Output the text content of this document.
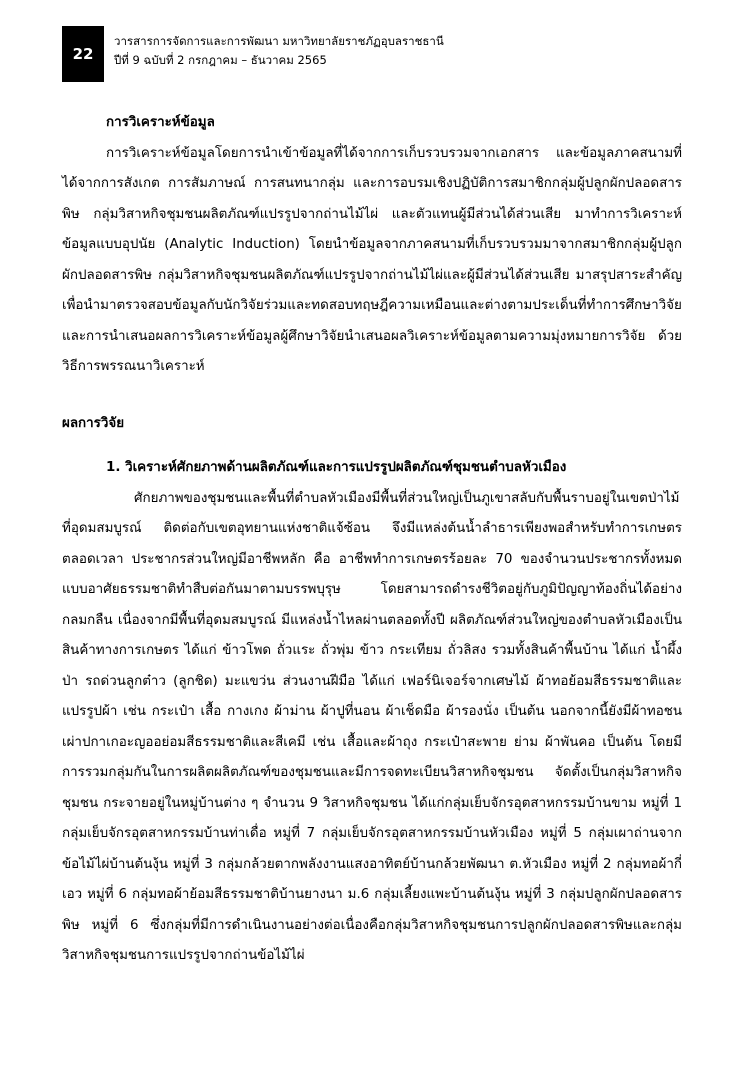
22
วารสารการจัดการและการพัฒนา มหาวิทยาลัยราชภัฏอุบลราชธานี
ปีที่ 9 ฉบับที่ 2 กรกฎาคม – ธันวาคม 2565
การวิเคราะห์ข้อมูล

การวิเคราะห์ข้อมูลโดยการนำเข้าข้อมูลที่ได้จากการเก็บรวบรวมจากเอกสาร และข้อมูลภาคสนามที่ได้จากการสังเกต การสัมภาษณ์ การสนทนากลุ่ม และการอบรมเชิงปฏิบัติการสมาชิกกลุ่มผู้ปลูกผักปลอดสารพิษ กลุ่มวิสาหกิจชุมชนผลิตภัณฑ์แปรรูปจากถ่านไม้ไผ่ และตัวแทนผู้มีส่วนได้ส่วนเสีย มาทำการวิเคราะห์ข้อมูลแบบอุปนัย (Analytic Induction) โดยนำข้อมูลจากภาคสนามที่เก็บรวบรวมมาจากสมาชิกกลุ่มผู้ปลูกผักปลอดสารพิษ กลุ่มวิสาหกิจชุมชนผลิตภัณฑ์แปรรูปจากถ่านไม้ไผ่และผู้มีส่วนได้ส่วนเสีย มาสรุปสาระสำคัญเพื่อนำมาตรวจสอบข้อมูลกับนักวิจัยร่วมและทดสอบทฤษฎีความเหมือนและต่างตามประเด็นที่ทำการศึกษาวิจัยและการนำเสนอผลการวิเคราะห์ข้อมูลผู้ศึกษาวิจัยนำเสนอผลวิเคราะห์ข้อมูลตามความมุ่งหมายการวิจัย ด้วยวิธีการพรรณนาวิเคราะห์

ผลการวิจัย
1. วิเคราะห์ศักยภาพด้านผลิตภัณฑ์และการแปรรูปผลิตภัณฑ์ชุมชนตำบลหัวเมือง

ศักยภาพของชุมชนและพื้นที่ตำบลหัวเมืองมีพื้นที่ส่วนใหญ่เป็นภูเขาสลับกับพื้นราบอยู่ในเขตป่าไม้ที่อุดมสมบูรณ์ ติดต่อกับเขตอุทยานแห่งชาติแจ้ซ้อน จึงมีแหล่งต้นน้ำลำธารเพียงพอสำหรับทำการเกษตร ตลอดเวลา ประชากรส่วนใหญ่มีอาชีพหลัก คือ อาชีพทำการเกษตรร้อยละ 70 ของจำนวนประชากรทั้งหมด แบบอาศัยธรรมชาติทำสืบต่อกันมาตามบรรพบุรุษ โดยสามารถดำรงชีวิตอยู่กับภูมิปัญญาท้องถิ่นได้อย่างกลมกลืน เนื่องจากมีพื้นที่อุดมสมบูรณ์ มีแหล่งน้ำไหลผ่านตลอดทั้งปี ผลิตภัณฑ์ส่วนใหญ่ของตำบลหัวเมืองเป็นสินค้าทางการเกษตร ได้แก่ ข้าวโพด ถั่วแระ ถั่วพุ่ม ข้าว กระเทียม ถั่วลิสง รวมทั้งสินค้าพื้นบ้าน ได้แก่ น้ำผึ้งป่า รถด่วนลูกต๋าว (ลูกชิด) มะแขว่น ส่วนงานฝีมือ ได้แก่ เฟอร์นิเจอร์จากเศษไม้ ผ้าทอย้อมสีธรรมชาติและแปรรูปผ้า เช่น กระเป๋า เสื้อ กางเกง ผ้าม่าน ผ้าปูที่นอน ผ้าเช็ดมือ ผ้ารองนั่ง เป็นต้น นอกจากนี้ยังมีผ้าทอชนเผ่าปกาเกอะญออย่อมสีธรรมชาติและสีเคมี เช่น เสื้อและผ้าถุง กระเป๋าสะพาย ย่าม ผ้าพันคอ เป็นต้น โดยมีการรวมกลุ่มกันในการผลิตผลิตภัณฑ์ของชุมชนและมีการจดทะเบียนวิสาหกิจชุมชน จัดตั้งเป็นกลุ่มวิสาหกิจชุมชน กระจายอยู่ในหมู่บ้านต่าง ๆ จำนวน 9 วิสาหกิจชุมชน ได้แก่กลุ่มเย็บจักรอุตสาหกรรมบ้านขาม หมู่ที่ 1 กลุ่มเย็บจักรอุตสาหกรรมบ้านท่าเดื่อ หมู่ที่ 7 กลุ่มเย็บจักรอุตสาหกรรมบ้านหัวเมือง หมู่ที่ 5 กลุ่มเผาถ่านจากข้อไม้ไผ่บ้านต้นงุ้น หมู่ที่ 3 กลุ่มกล้วยตากพลังงานแสงอาทิตย์บ้านกล้วยพัฒนา ต.หัวเมือง หมู่ที่ 2 กลุ่มทอผ้ากี่เอว หมู่ที่ 6 กลุ่มทอผ้าย้อมสีธรรมชาติบ้านยางนา ม.6 กลุ่มเลี้ยงแพะบ้านต้นงุ้น หมู่ที่ 3 กลุ่มปลูกผักปลอดสารพิษ หมู่ที่ 6 ซึ่งกลุ่มที่มีการดำเนินงานอย่างต่อเนื่องคือกลุ่มวิสาหกิจชุมชนการปลูกผักปลอดสารพิษและกลุ่มวิสาหกิจชุมชนการแปรรูปจากถ่านข้อไม้ไผ่
